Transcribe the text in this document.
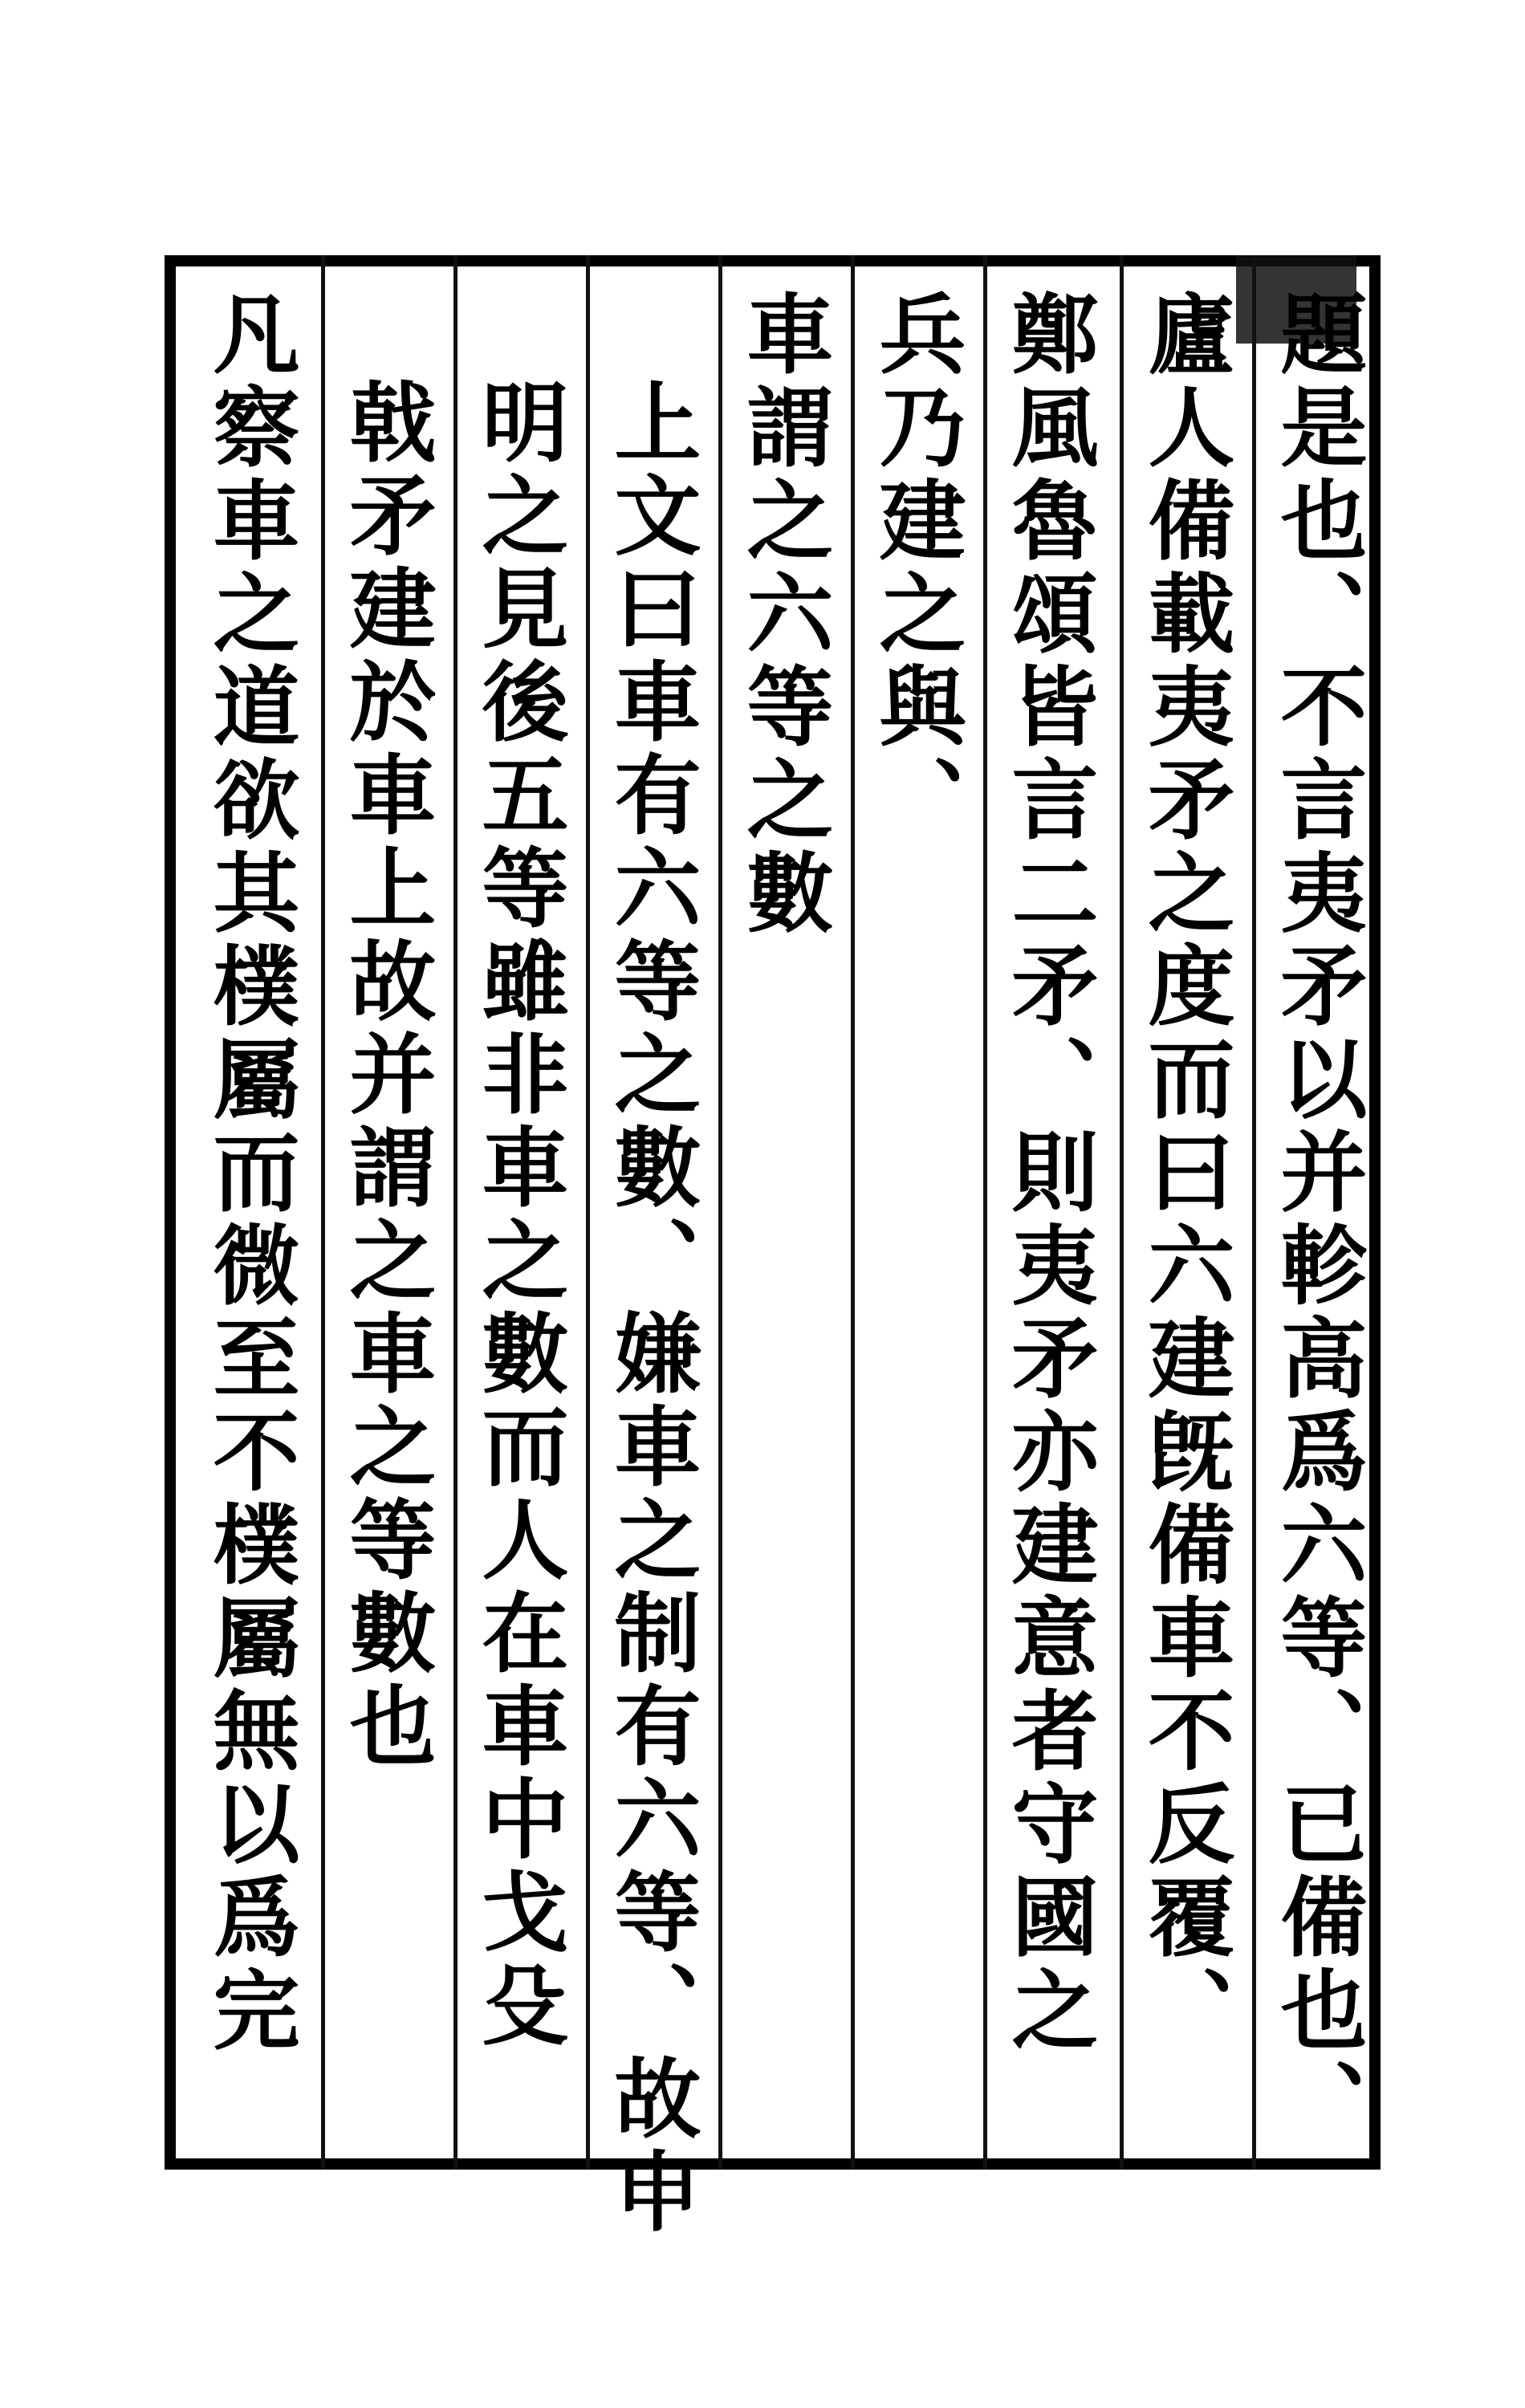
題是也、不言夷矛以并軫高爲六等、已備也、
廬人備載夷矛之度而曰六建旣備車不反覆、
鄭風魯頌皆言二矛、則夷矛亦建意者守國之
兵乃建之與、
車謂之六等之數
上文曰車有六等之數、嫌車之制有六等、故申
明之見後五等雖非車之數而人在車中戈殳
戟矛建於車上故并謂之車之等數也
凡察車之道欲其樸屬而微至不樸屬無以爲完
